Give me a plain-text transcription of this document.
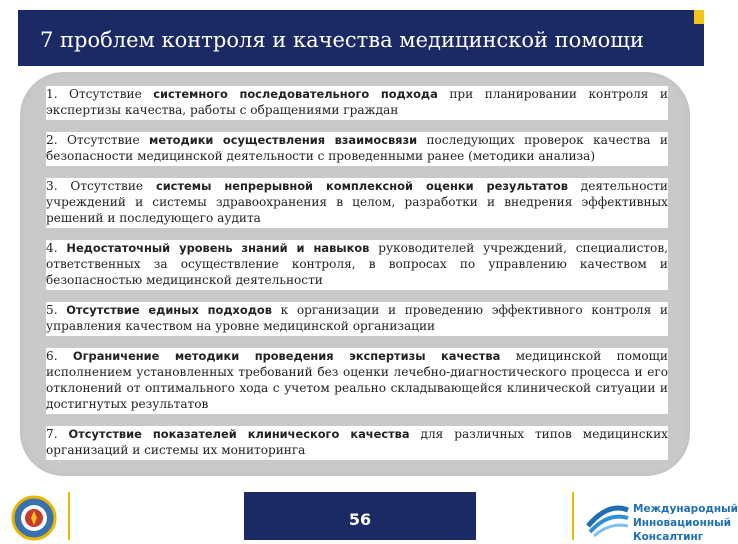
7 проблем контроля и качества медицинской помощи
1. Отсутствие системного последовательного подхода при планировании контроля и экспертизы качества, работы с обращениями граждан
2. Отсутствие методики осуществления взаимосвязи последующих проверок качества и безопасности медицинской деятельности с проведенными ранее (методики анализа)
3. Отсутствие системы непрерывной комплексной оценки результатов деятельности учреждений и системы здравоохранения в целом, разработки и внедрения эффективных решений и последующего аудита
4. Недостаточный уровень знаний и навыков руководителей учреждений, специалистов, ответственных за осуществление контроля, в вопросах по управлению качеством и безопасностью медицинской деятельности
5. Отсутствие единых подходов к организации и проведению эффективного контроля и управления качеством на уровне медицинской организации
6. Ограничение методики проведения экспертизы качества медицинской помощи исполнением установленных требований без оценки лечебно-диагностического процесса и его отклонений от оптимального хода с учетом реально складывающейся клинической ситуации и достигнутых результатов
7. Отсутствие показателей клинического качества для различных типов медицинских организаций и системы их мониторинга
56
Международный
Инновационный
Консалтинг
